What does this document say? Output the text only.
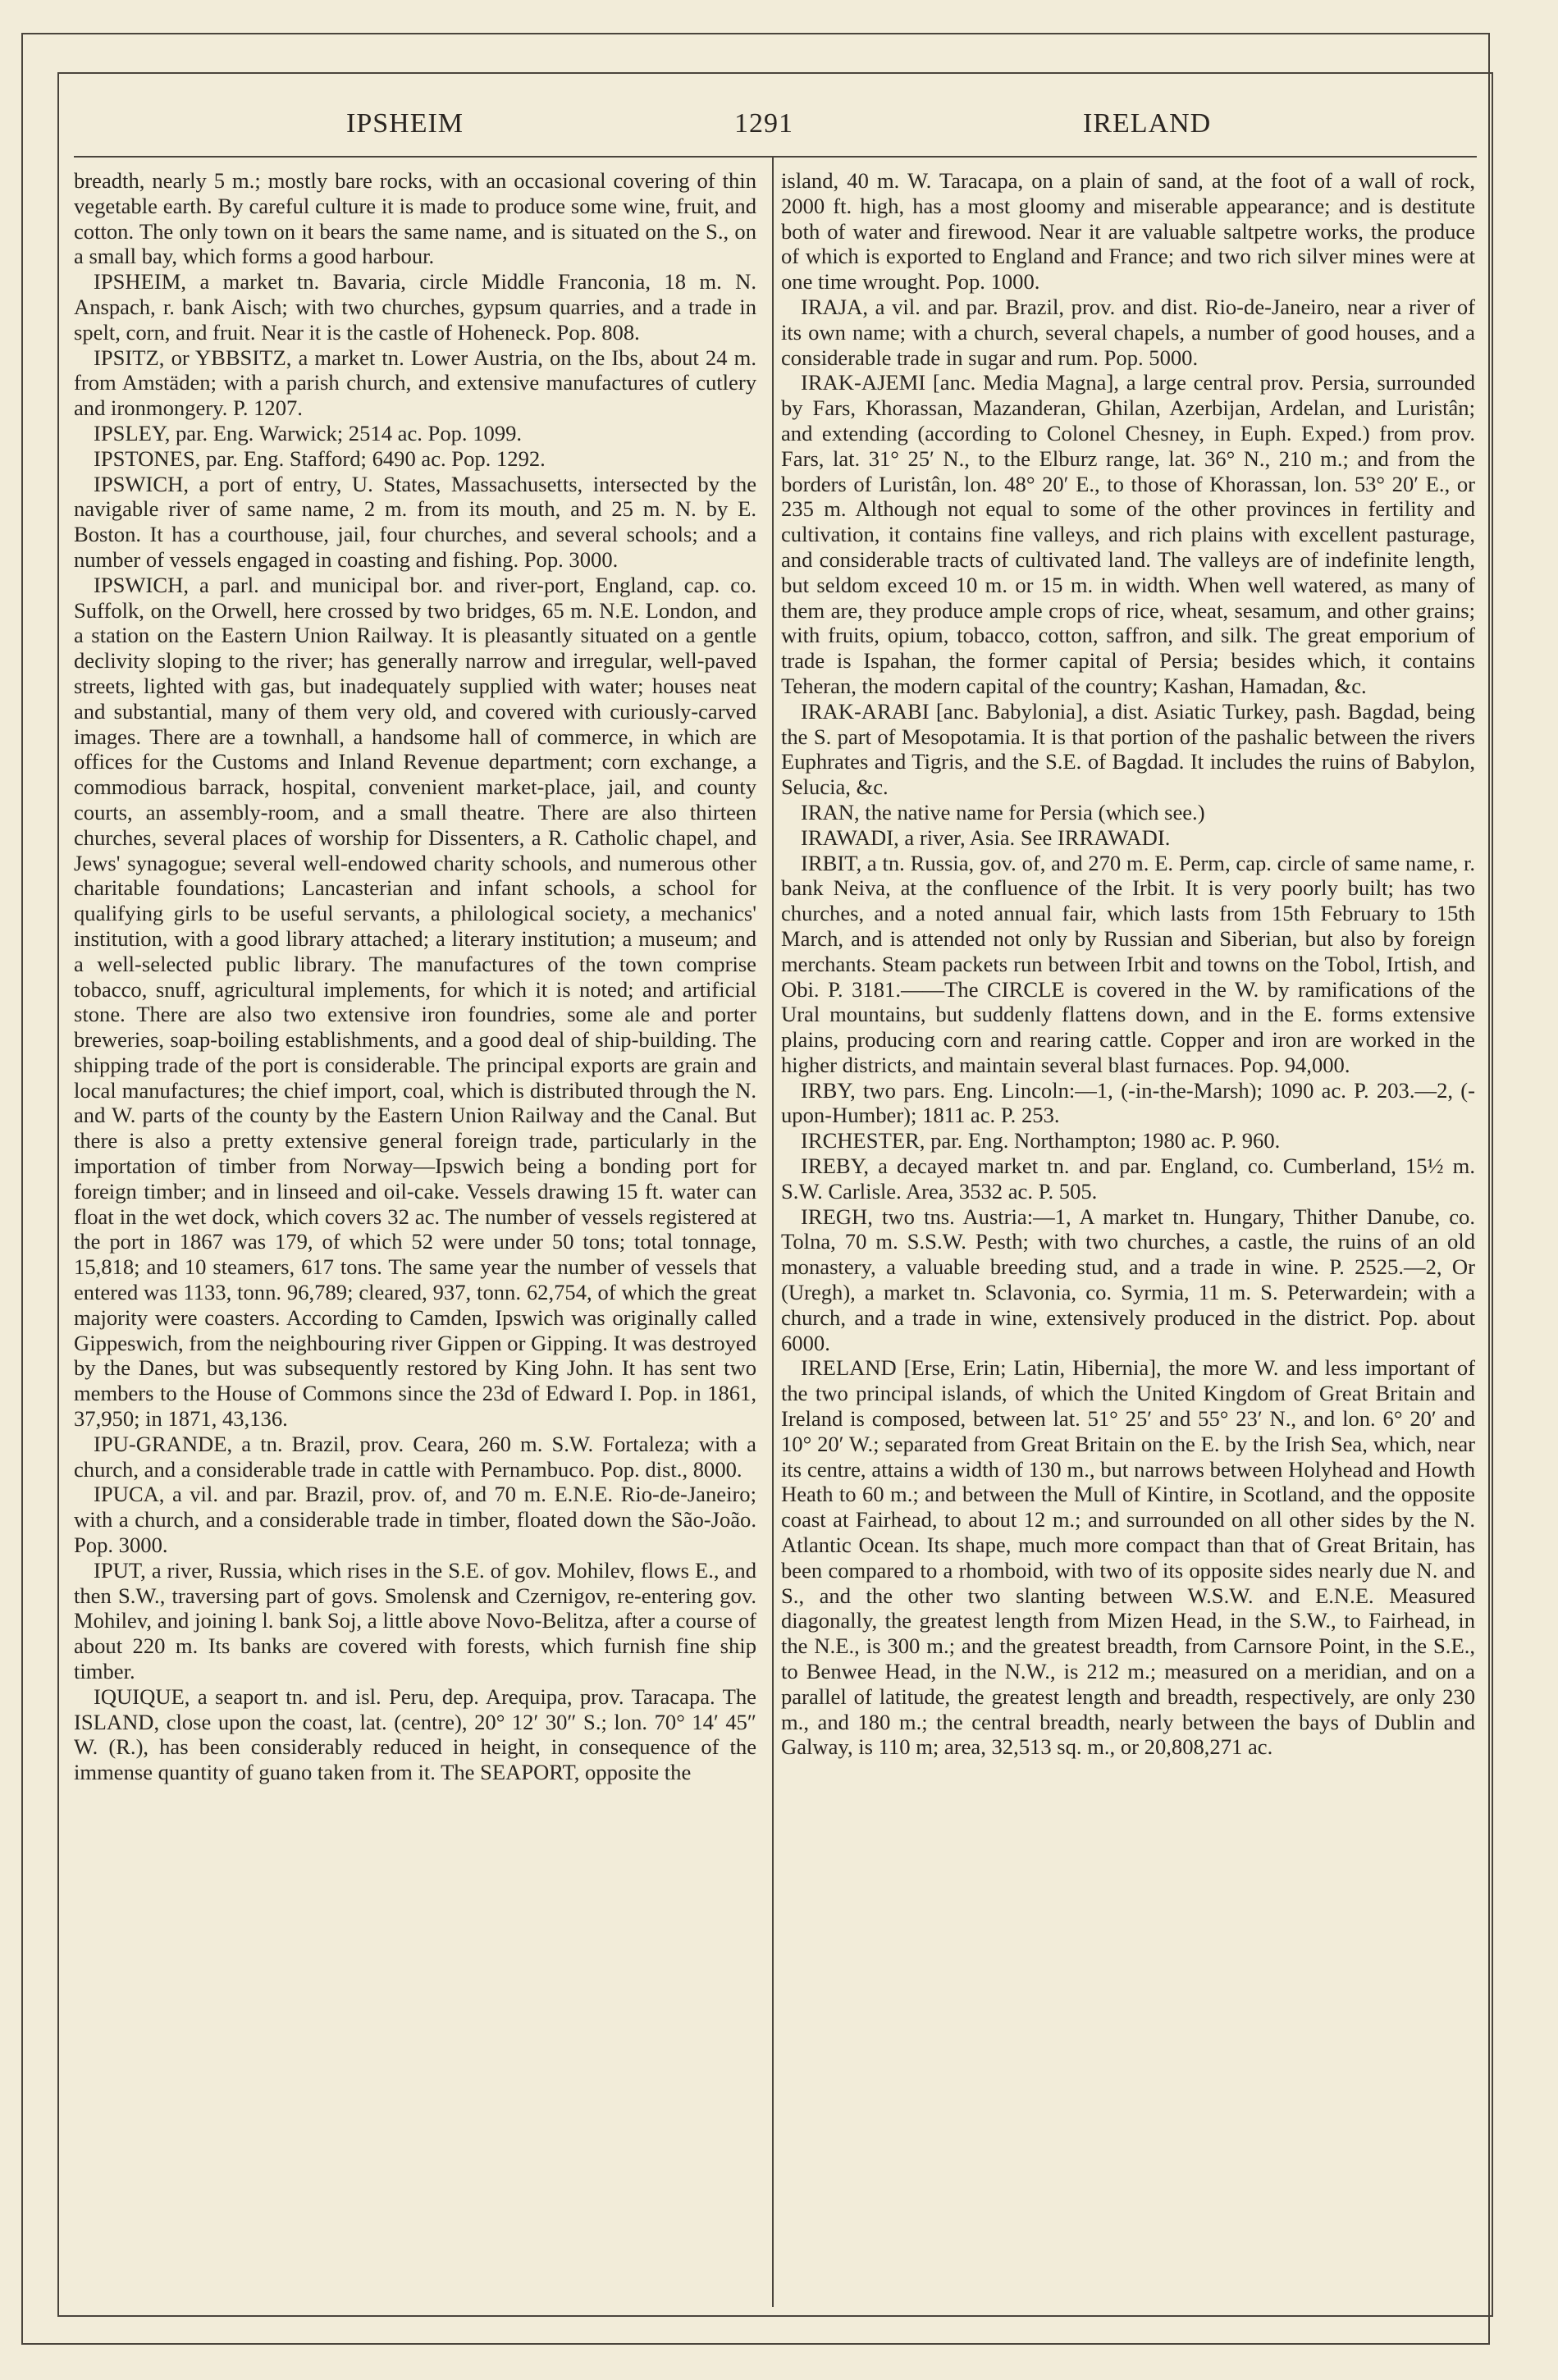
IPSHEIM	1291	IRELAND

breadth, nearly 5 m.; mostly bare rocks, with an occasional covering of thin vegetable earth. By careful culture it is made to produce some wine, fruit, and cotton. The only town on it bears the same name, and is situated on the S., on a small bay, which forms a good harbour.

IPSHEIM, a market tn. Bavaria, circle Middle Franconia, 18 m. N. Anspach, r. bank Aisch; with two churches, gypsum quarries, and a trade in spelt, corn, and fruit. Near it is the castle of Hoheneck. Pop. 808.

IPSITZ, or YBBSITZ, a market tn. Lower Austria, on the Ibs, about 24 m. from Amstäden; with a parish church, and extensive manufactures of cutlery and ironmongery. P. 1207.

IPSLEY, par. Eng. Warwick; 2514 ac. Pop. 1099.

IPSTONES, par. Eng. Stafford; 6490 ac. Pop. 1292.

IPSWICH, a port of entry, U. States, Massachusetts, intersected by the navigable river of same name, 2 m. from its mouth, and 25 m. N. by E. Boston. It has a courthouse, jail, four churches, and several schools; and a number of vessels engaged in coasting and fishing. Pop. 3000.

IPSWICH, a parl. and municipal bor. and river-port, England, cap. co. Suffolk, on the Orwell, here crossed by two bridges, 65 m. N.E. London, and a station on the Eastern Union Railway. It is pleasantly situated on a gentle declivity sloping to the river; has generally narrow and irregular, well-paved streets, lighted with gas, but inadequately supplied with water; houses neat and substantial, many of them very old, and covered with curiously-carved images. There are a townhall, a handsome hall of commerce, in which are offices for the Customs and Inland Revenue department; corn exchange, a commodious barrack, hospital, convenient market-place, jail, and county courts, an assembly-room, and a small theatre. There are also thirteen churches, several places of worship for Dissenters, a R. Catholic chapel, and Jews' synagogue; several well-endowed charity schools, and numerous other charitable foundations; Lancasterian and infant schools, a school for qualifying girls to be useful servants, a philological society, a mechanics' institution, with a good library attached; a literary institution; a museum; and a well-selected public library. The manufactures of the town comprise tobacco, snuff, agricultural implements, for which it is noted; and artificial stone. There are also two extensive iron foundries, some ale and porter breweries, soap-boiling establishments, and a good deal of ship-building. The shipping trade of the port is considerable. The principal exports are grain and local manufactures; the chief import, coal, which is distributed through the N. and W. parts of the county by the Eastern Union Railway and the Canal. But there is also a pretty extensive general foreign trade, particularly in the importation of timber from Norway—Ipswich being a bonding port for foreign timber; and in linseed and oil-cake. Vessels drawing 15 ft. water can float in the wet dock, which covers 32 ac. The number of vessels registered at the port in 1867 was 179, of which 52 were under 50 tons; total tonnage, 15,818; and 10 steamers, 617 tons. The same year the number of vessels that entered was 1133, tonn. 96,789; cleared, 937, tonn. 62,754, of which the great majority were coasters. According to Camden, Ipswich was originally called Gippeswich, from the neighbouring river Gippen or Gipping. It was destroyed by the Danes, but was subsequently restored by King John. It has sent two members to the House of Commons since the 23d of Edward I. Pop. in 1861, 37,950; in 1871, 43,136.

IPU-GRANDE, a tn. Brazil, prov. Ceara, 260 m. S.W. Fortaleza; with a church, and a considerable trade in cattle with Pernambuco. Pop. dist., 8000.

IPUCA, a vil. and par. Brazil, prov. of, and 70 m. E.N.E. Rio-de-Janeiro; with a church, and a considerable trade in timber, floated down the São-João. Pop. 3000.

IPUT, a river, Russia, which rises in the S.E. of gov. Mohilev, flows E., and then S.W., traversing part of govs. Smolensk and Czernigov, re-entering gov. Mohilev, and joining l. bank Soj, a little above Novo-Belitza, after a course of about 220 m. Its banks are covered with forests, which furnish fine ship timber.

IQUIQUE, a seaport tn. and isl. Peru, dep. Arequipa, prov. Taracapa. The ISLAND, close upon the coast, lat. (centre), 20° 12′ 30″ S.; lon. 70° 14′ 45″ W. (R.), has been considerably reduced in height, in consequence of the immense quantity of guano taken from it. The SEAPORT, opposite the

island, 40 m. W. Taracapa, on a plain of sand, at the foot of a wall of rock, 2000 ft. high, has a most gloomy and miserable appearance; and is destitute both of water and firewood. Near it are valuable saltpetre works, the produce of which is exported to England and France; and two rich silver mines were at one time wrought. Pop. 1000.

IRAJA, a vil. and par. Brazil, prov. and dist. Rio-de-Janeiro, near a river of its own name; with a church, several chapels, a number of good houses, and a considerable trade in sugar and rum. Pop. 5000.

IRAK-AJEMI [anc. Media Magna], a large central prov. Persia, surrounded by Fars, Khorassan, Mazanderan, Ghilan, Azerbijan, Ardelan, and Luristân; and extending (according to Colonel Chesney, in Euph. Exped.) from prov. Fars, lat. 31° 25′ N., to the Elburz range, lat. 36° N., 210 m.; and from the borders of Luristân, lon. 48° 20′ E., to those of Khorassan, lon. 53° 20′ E., or 235 m. Although not equal to some of the other provinces in fertility and cultivation, it contains fine valleys, and rich plains with excellent pasturage, and considerable tracts of cultivated land. The valleys are of indefinite length, but seldom exceed 10 m. or 15 m. in width. When well watered, as many of them are, they produce ample crops of rice, wheat, sesamum, and other grains; with fruits, opium, tobacco, cotton, saffron, and silk. The great emporium of trade is Ispahan, the former capital of Persia; besides which, it contains Teheran, the modern capital of the country; Kashan, Hamadan, &c.

IRAK-ARABI [anc. Babylonia], a dist. Asiatic Turkey, pash. Bagdad, being the S. part of Mesopotamia. It is that portion of the pashalic between the rivers Euphrates and Tigris, and the S.E. of Bagdad. It includes the ruins of Babylon, Selucia, &c.

IRAN, the native name for Persia (which see.)

IRAWADI, a river, Asia. See IRRAWADI.

IRBIT, a tn. Russia, gov. of, and 270 m. E. Perm, cap. circle of same name, r. bank Neiva, at the confluence of the Irbit. It is very poorly built; has two churches, and a noted annual fair, which lasts from 15th February to 15th March, and is attended not only by Russian and Siberian, but also by foreign merchants. Steam packets run between Irbit and towns on the Tobol, Irtish, and Obi. P. 3181.——The CIRCLE is covered in the W. by ramifications of the Ural mountains, but suddenly flattens down, and in the E. forms extensive plains, producing corn and rearing cattle. Copper and iron are worked in the higher districts, and maintain several blast furnaces. Pop. 94,000.

IRBY, two pars. Eng. Lincoln:—1, (-in-the-Marsh); 1090 ac. P. 203.—2, (-upon-Humber); 1811 ac. P. 253.

IRCHESTER, par. Eng. Northampton; 1980 ac. P. 960.

IREBY, a decayed market tn. and par. England, co. Cumberland, 15½ m. S.W. Carlisle. Area, 3532 ac. P. 505.

IREGH, two tns. Austria:—1, A market tn. Hungary, Thither Danube, co. Tolna, 70 m. S.S.W. Pesth; with two churches, a castle, the ruins of an old monastery, a valuable breeding stud, and a trade in wine. P. 2525.—2, Or (Uregh), a market tn. Sclavonia, co. Syrmia, 11 m. S. Peterwardein; with a church, and a trade in wine, extensively produced in the district. Pop. about 6000.

IRELAND [Erse, Erin; Latin, Hibernia], the more W. and less important of the two principal islands, of which the United Kingdom of Great Britain and Ireland is composed, between lat. 51° 25′ and 55° 23′ N., and lon. 6° 20′ and 10° 20′ W.; separated from Great Britain on the E. by the Irish Sea, which, near its centre, attains a width of 130 m., but narrows between Holyhead and Howth Heath to 60 m.; and between the Mull of Kintire, in Scotland, and the opposite coast at Fairhead, to about 12 m.; and surrounded on all other sides by the N. Atlantic Ocean. Its shape, much more compact than that of Great Britain, has been compared to a rhomboid, with two of its opposite sides nearly due N. and S., and the other two slanting between W.S.W. and E.N.E. Measured diagonally, the greatest length from Mizen Head, in the S.W., to Fairhead, in the N.E., is 300 m.; and the greatest breadth, from Carnsore Point, in the S.E., to Benwee Head, in the N.W., is 212 m.; measured on a meridian, and on a parallel of latitude, the greatest length and breadth, respectively, are only 230 m., and 180 m.; the central breadth, nearly between the bays of Dublin and Galway, is 110 m; area, 32,513 sq. m., or 20,808,271 ac.
